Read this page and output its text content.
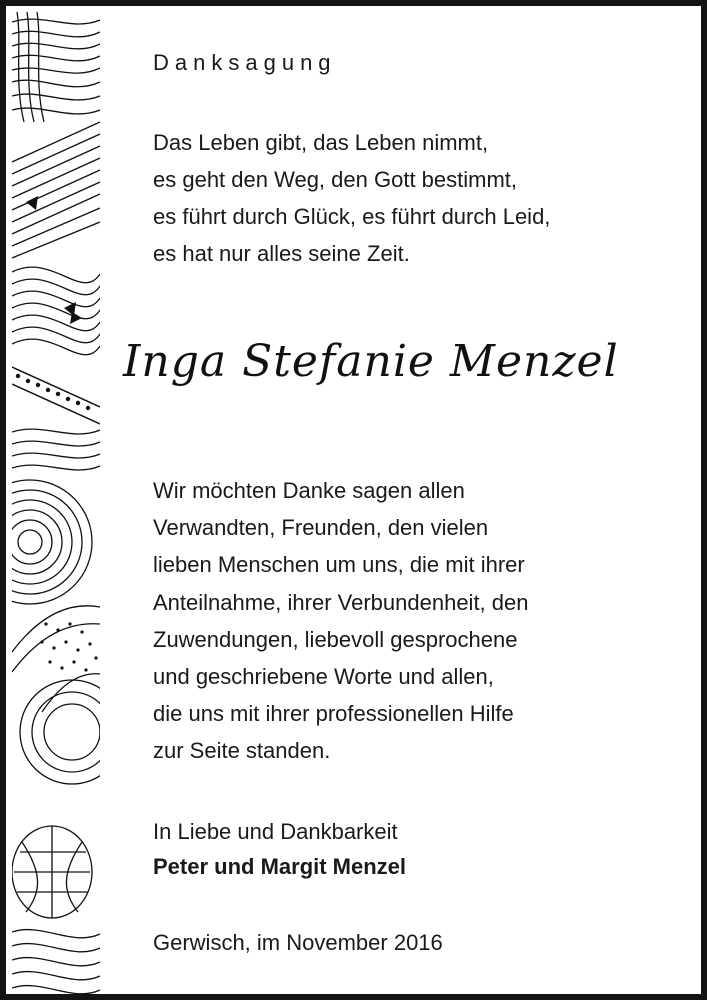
Danksagung

Das Leben gibt, das Leben nimmt,
es geht den Weg, den Gott bestimmt,
es führt durch Glück, es führt durch Leid,
es hat nur alles seine Zeit.

Inga Stefanie Menzel

Wir möchten Danke sagen allen
Verwandten, Freunden, den vielen
lieben Menschen um uns, die mit ihrer
Anteilnahme, ihrer Verbundenheit, den
Zuwendungen, liebevoll gesprochene
und geschriebene Worte und allen,
die uns mit ihrer professionellen Hilfe
zur Seite standen.

In Liebe und Dankbarkeit
Peter und Margit Menzel

Gerwisch, im November 2016
